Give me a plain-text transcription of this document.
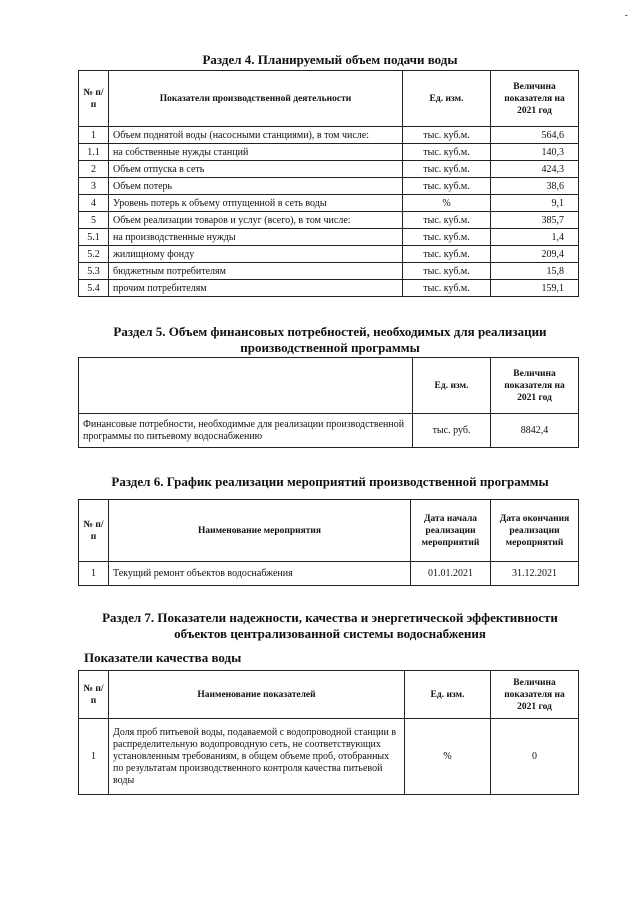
-
Раздел 4. Планируемый объем подачи воды
№ п/п	Показатели производственной деятельности	Ед. изм.	Величина показателя на 2021 год
1	Объем поднятой воды (насосными станциями), в том числе:	тыс. куб.м.	564,6
1.1	на собственные нужды станций	тыс. куб.м.	140,3
2	Объем отпуска в сеть	тыс. куб.м.	424,3
3	Объем потерь	тыс. куб.м.	38,6
4	Уровень потерь к объему отпущенной в сеть воды	%	9,1
5	Объем реализации товаров и услуг (всего), в том числе:	тыс. куб.м.	385,7
5.1	на производственные нужды	тыс. куб.м.	1,4
5.2	жилищному фонду	тыс. куб.м.	209,4
5.3	бюджетным потребителям	тыс. куб.м.	15,8
5.4	прочим потребителям	тыс. куб.м.	159,1
Раздел 5. Объем финансовых потребностей, необходимых для реализации
производственной программы
	Ед. изм.	Величина показателя на 2021 год
Финансовые потребности, необходимые для реализации производственной программы по питьевому водоснабжению	тыс. руб.	8842,4
Раздел 6. График реализации мероприятий производственной программы
№ п/п	Наименование мероприятия	Дата начала реализации мероприятий	Дата окончания реализации мероприятий
1	Текущий ремонт объектов водоснабжения	01.01.2021	31.12.2021
Раздел 7. Показатели надежности, качества и энергетической эффективности
объектов централизованной системы водоснабжения
Показатели качества воды
№ п/п	Наименование показателей	Ед. изм.	Величина показателя на 2021 год
1	Доля проб питьевой воды, подаваемой с водопроводной станции в распределительную водопроводную сеть, не соответствующих установленным требованиям, в общем объеме проб, отобранных по результатам производственного контроля качества питьевой воды	%	0
